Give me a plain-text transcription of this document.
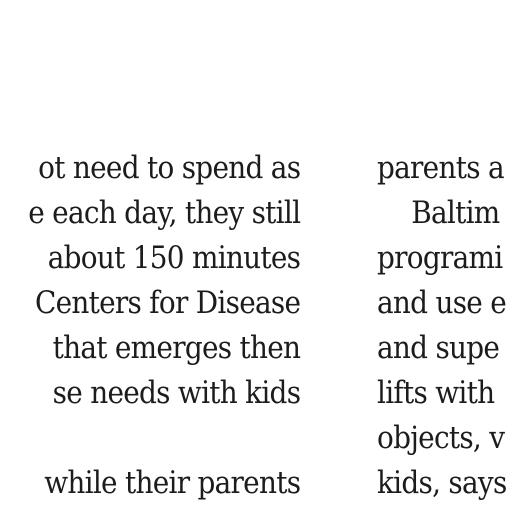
ot need to spend as
e each day, they still
about 150 minutes
Centers for Disease
that emerges then
se needs with kids
while their parents
parents a
Baltim
programi
and use e
and supe
lifts with
objects, v
kids, says
